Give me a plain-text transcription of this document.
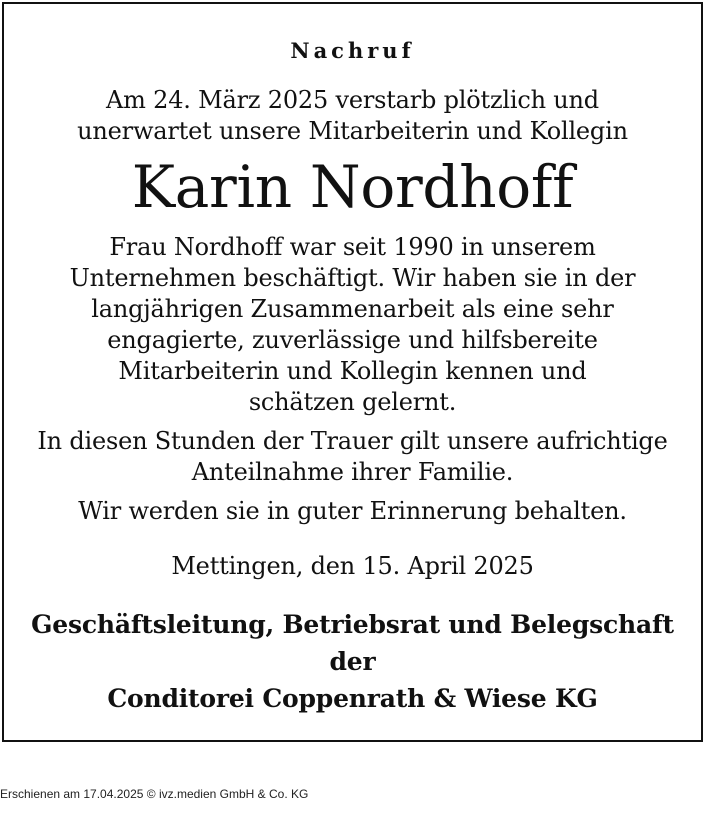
Nachruf
Am 24. März 2025 verstarb plötzlich und
unerwartet unsere Mitarbeiterin und Kollegin
Karin Nordhoff
Frau Nordhoff war seit 1990 in unserem
Unternehmen beschäftigt. Wir haben sie in der
langjährigen Zusammenarbeit als eine sehr
engagierte, zuverlässige und hilfsbereite
Mitarbeiterin und Kollegin kennen und
schätzen gelernt.
In diesen Stunden der Trauer gilt unsere aufrichtige
Anteilnahme ihrer Familie.
Wir werden sie in guter Erinnerung behalten.
Mettingen, den 15. April 2025
Geschäftsleitung, Betriebsrat und Belegschaft
der
Conditorei Coppenrath & Wiese KG
Erschienen am 17.04.2025 © ivz.medien GmbH & Co. KG
